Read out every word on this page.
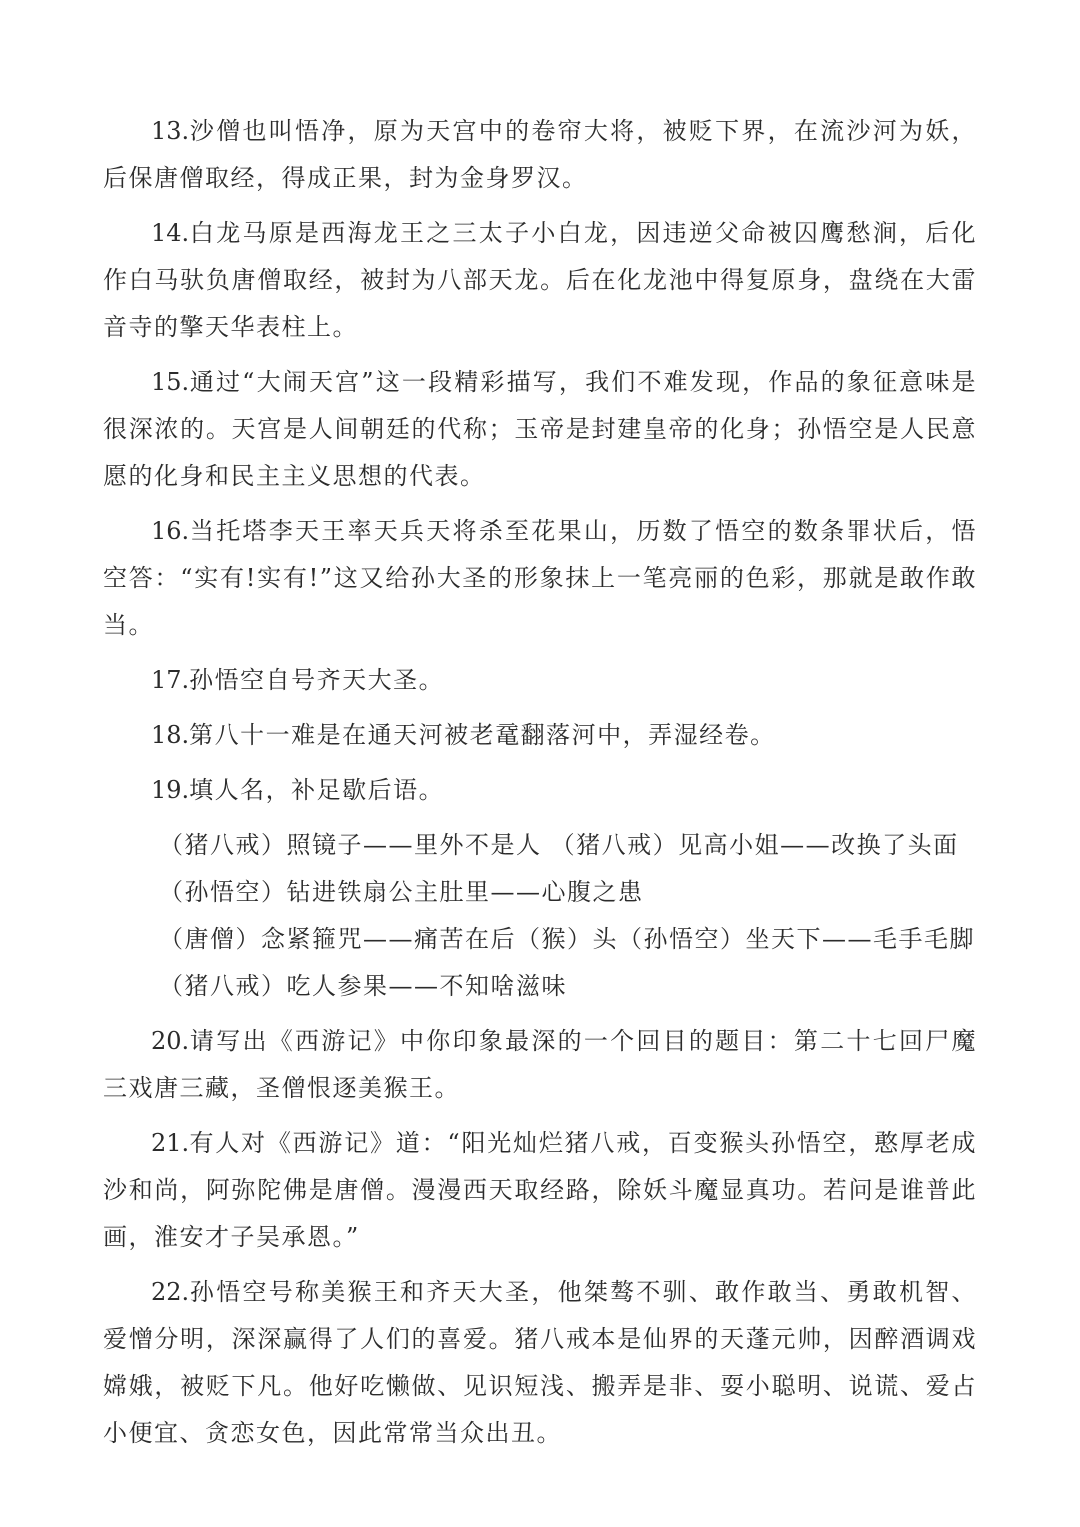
13.沙僧也叫悟净，原为天宫中的卷帘大将，被贬下界，在流沙河为妖，后保唐僧取经，得成正果，封为金身罗汉。

14.白龙马原是西海龙王之三太子小白龙，因违逆父命被囚鹰愁涧，后化作白马驮负唐僧取经，被封为八部天龙。后在化龙池中得复原身，盘绕在大雷音寺的擎天华表柱上。

15.通过“大闹天宫”这一段精彩描写，我们不难发现，作品的象征意味是很深浓的。天宫是人间朝廷的代称；玉帝是封建皇帝的化身；孙悟空是人民意愿的化身和民主主义思想的代表。

16.当托塔李天王率天兵天将杀至花果山，历数了悟空的数条罪状后，悟空答：“实有!实有!”这又给孙大圣的形象抹上一笔亮丽的色彩，那就是敢作敢当。

17.孙悟空自号齐天大圣。

18.第八十一难是在通天河被老鼋翻落河中，弄湿经卷。

19.填人名，补足歇后语。

（猪八戒）照镜子——里外不是人 （猪八戒）见高小姐——改换了头面

（孙悟空）钻进铁扇公主肚里——心腹之患

（唐僧）念紧箍咒——痛苦在后（猴）头（孙悟空）坐天下——毛手毛脚

（猪八戒）吃人参果——不知啥滋味

20.请写出《西游记》中你印象最深的一个回目的题目：第二十七回尸魔三戏唐三藏，圣僧恨逐美猴王。

21.有人对《西游记》道：“阳光灿烂猪八戒，百变猴头孙悟空，憨厚老成沙和尚，阿弥陀佛是唐僧。漫漫西天取经路，除妖斗魔显真功。若问是谁普此画，淮安才子吴承恩。”

22.孙悟空号称美猴王和齐天大圣，他桀骜不驯、敢作敢当、勇敢机智、爱憎分明，深深赢得了人们的喜爱。猪八戒本是仙界的天蓬元帅，因醉酒调戏嫦娥，被贬下凡。他好吃懒做、见识短浅、搬弄是非、耍小聪明、说谎、爱占小便宜、贪恋女色，因此常常当众出丑。
